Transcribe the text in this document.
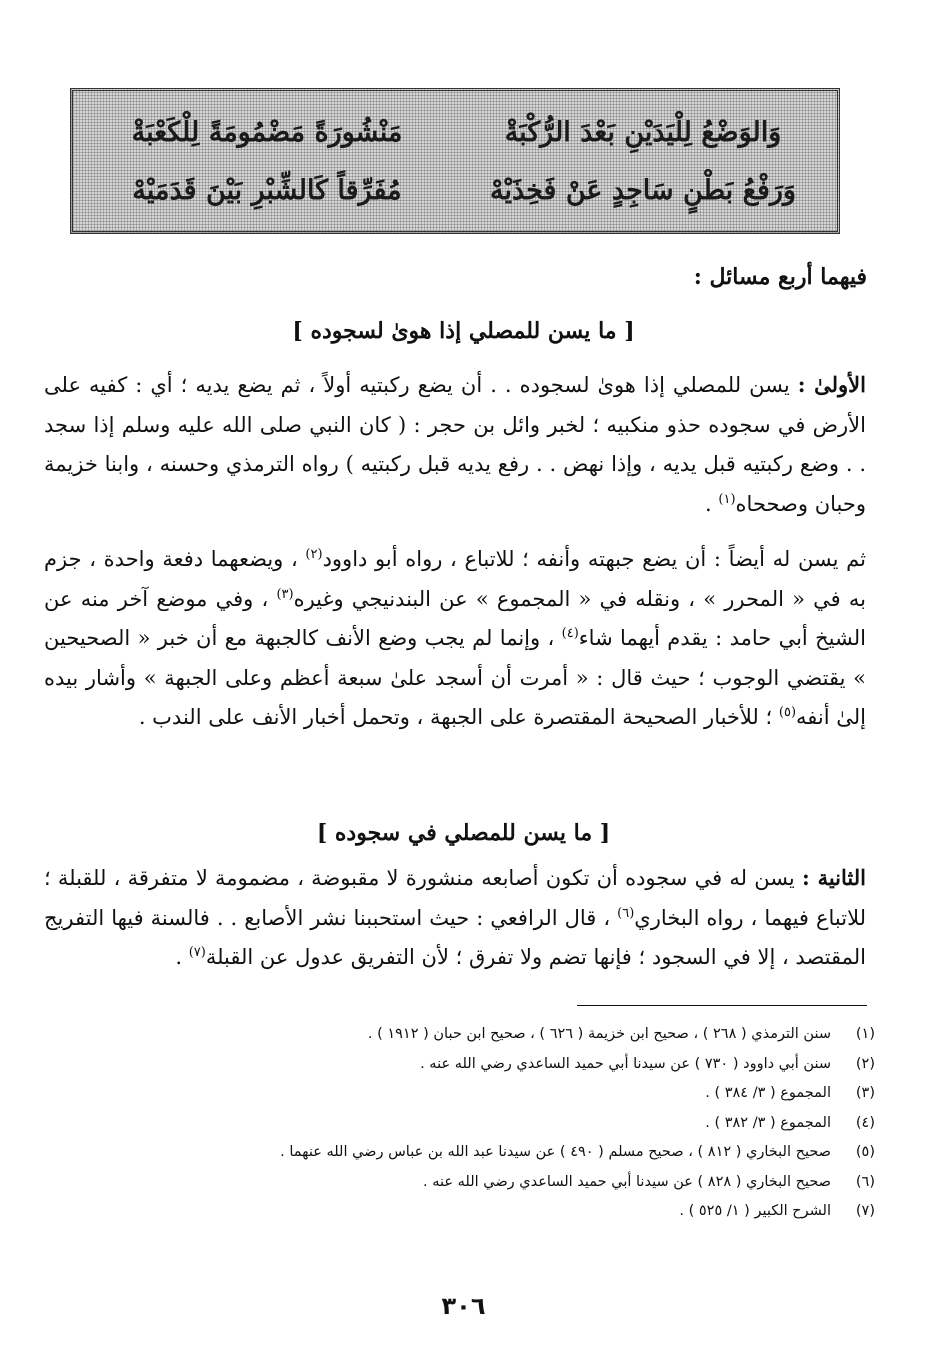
وَالوَضْعُ لِلْيَدَيْنِ بَعْدَ الرُّكْبَةْ
مَنْشُورَةً مَضْمُومَةً لِلْكَعْبَةْ
وَرَفْعُ بَطْنٍ سَاجِدٍ عَنْ فَخِذَيْهْ
مُفَرِّقاً كَالشِّبْرِ بَيْنَ قَدَمَيْهْ
فيهما أربع مسائل :
[ ما يسن للمصلي إذا هوىٰ لسجوده ]

الأولىٰ : يسن للمصلي إذا هوىٰ لسجوده . . أن يضع ركبتيه أولاً ، ثم يضع يديه ؛ أي : كفيه على الأرض في سجوده حذو منكبيه ؛ لخبر وائل بن حجر : ( كان النبي صلى الله عليه وسلم إذا سجد . . وضع ركبتيه قبل يديه ، وإذا نهض . . رفع يديه قبل ركبتيه ) رواه الترمذي وحسنه ، وابنا خزيمة وحبان وصححاه$^{(١)}$ .

ثم يسن له أيضاً : أن يضع جبهته وأنفه ؛ للاتباع ، رواه أبو داوود$^{(٢)}$ ، ويضعهما دفعة واحدة ، جزم به في « المحرر » ، ونقله في « المجموع » عن البندنيجي وغيره$^{(٣)}$ ، وفي موضع آخر منه عن الشيخ أبي حامد : يقدم أيهما شاء$^{(٤)}$ ، وإنما لم يجب وضع الأنف كالجبهة مع أن خبر « الصحيحين » يقتضي الوجوب ؛ حيث قال : « أمرت أن أسجد علىٰ سبعة أعظم وعلى الجبهة » وأشار بيده إلىٰ أنفه$^{(٥)}$ ؛ للأخبار الصحيحة المقتصرة على الجبهة ، وتحمل أخبار الأنف على الندب .

[ ما يسن للمصلي في سجوده ]

الثانية : يسن له في سجوده أن تكون أصابعه منشورة لا مقبوضة ، مضمومة لا متفرقة ، للقبلة ؛ للاتباع فيهما ، رواه البخاري$^{(٦)}$ ، قال الرافعي : حيث استحببنا نشر الأصابع . . فالسنة فيها التفريج المقتصد ، إلا في السجود ؛ فإنها تضم ولا تفرق ؛ لأن التفريق عدول عن القبلة$^{(٧)}$ .

(١)سنن الترمذي ( ٢٦٨ ) ، صحيح ابن خزيمة ( ٦٢٦ ) ، صحيح ابن حبان ( ١٩١٢ ) .
(٢)سنن أبي داوود ( ٧٣٠ ) عن سيدنا أبي حميد الساعدي رضي الله عنه .
(٣)المجموع ( ٣/ ٣٨٤ ) .
(٤)المجموع ( ٣/ ٣٨٢ ) .
(٥)صحيح البخاري ( ٨١٢ ) ، صحيح مسلم ( ٤٩٠ ) عن سيدنا عبد الله بن عباس رضي الله عنهما .
(٦)صحيح البخاري ( ٨٢٨ ) عن سيدنا أبي حميد الساعدي رضي الله عنه .
(٧)الشرح الكبير ( ١/ ٥٢٥ ) .
٣٠٦
